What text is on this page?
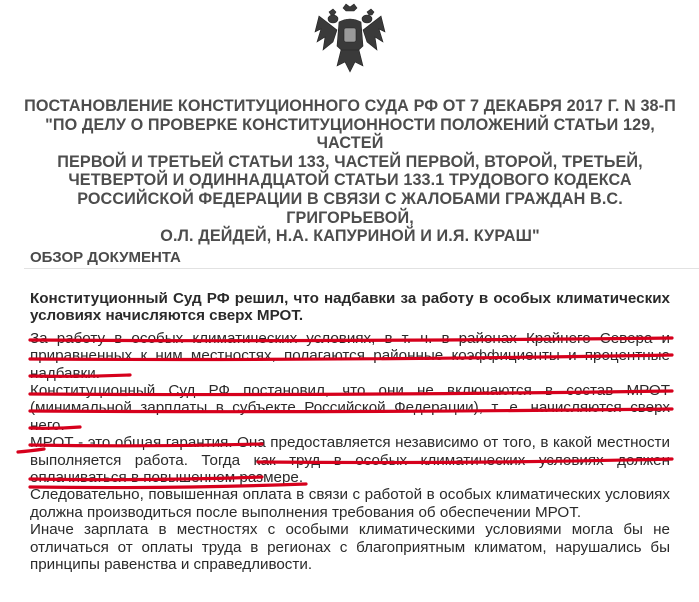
ПОСТАНОВЛЕНИЕ КОНСТИТУЦИОННОГО СУДА РФ ОТ 7 ДЕКАБРЯ 2017 Г. N 38-П
"ПО ДЕЛУ О ПРОВЕРКЕ КОНСТИТУЦИОННОСТИ ПОЛОЖЕНИЙ СТАТЬИ 129, ЧАСТЕЙ
ПЕРВОЙ И ТРЕТЬЕЙ СТАТЬИ 133, ЧАСТЕЙ ПЕРВОЙ, ВТОРОЙ, ТРЕТЬЕЙ,
ЧЕТВЕРТОЙ И ОДИННАДЦАТОЙ СТАТЬИ 133.1 ТРУДОВОГО КОДЕКСА
РОССИЙСКОЙ ФЕДЕРАЦИИ В СВЯЗИ С ЖАЛОБАМИ ГРАЖДАН В.С. ГРИГОРЬЕВОЙ,
О.Л. ДЕЙДЕЙ, Н.А. КАПУРИНОЙ И И.Я. КУРАШ"
ОБЗОР ДОКУМЕНТА

Конституционный Суд РФ решил, что надбавки за работу в особых климатических условиях начисляются сверх МРОТ.

За работу в особых климатических условиях, в т. ч. в районах Крайнего Севера и приравненных к ним местностях, полагаются районные коэффициенты и процентные надбавки.

Конституционный Суд РФ постановил, что они не включаются в состав МРОТ (минимальной зарплаты в субъекте Российской Федерации), т. е. начисляются сверх него.

МРОТ - это общая гарантия. Она предоставляется независимо от того, в какой местности выполняется работа. Тогда как труд в особых климатических условиях должен оплачиваться в повышенном размере.

Следовательно, повышенная оплата в связи с работой в особых климатических условиях должна производиться после выполнения требования об обеспечении МРОТ.

Иначе зарплата в местностях с особыми климатическими условиями могла бы не отличаться от оплаты труда в регионах с благоприятным климатом, нарушались бы принципы равенства и справедливости.
